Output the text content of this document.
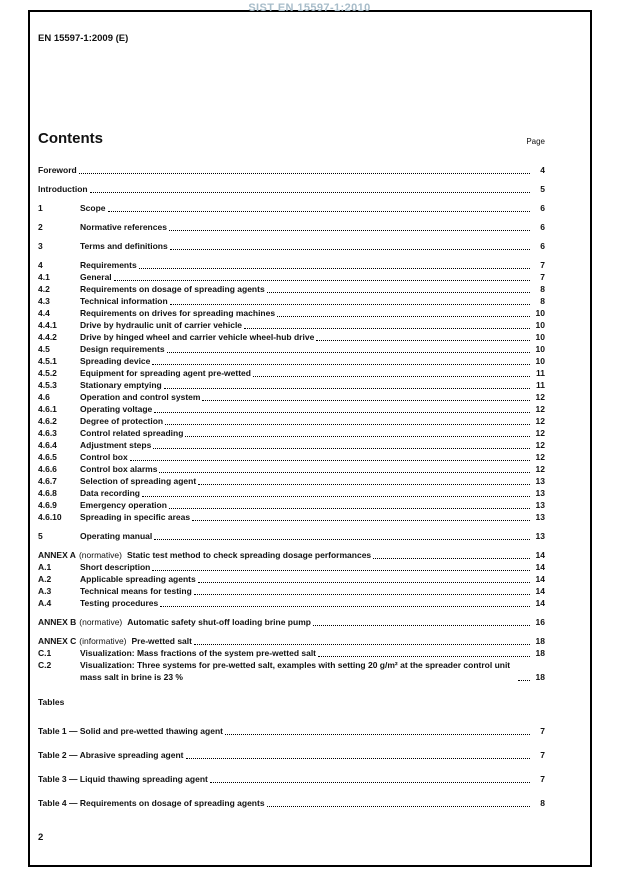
SIST EN 15597-1:2010
EN 15597-1:2009 (E)
Contents	Page
Foreword	4
Introduction	5
1	Scope	6
2	Normative references	6
3	Terms and definitions	6
4	Requirements	7
4.1	General	7
4.2	Requirements on dosage of spreading agents	8
4.3	Technical information	8
4.4	Requirements on drives for spreading machines	10
4.4.1	Drive by hydraulic unit of carrier vehicle	10
4.4.2	Drive by hinged wheel and carrier vehicle wheel-hub drive	10
4.5	Design requirements	10
4.5.1	Spreading device	10
4.5.2	Equipment for spreading agent pre-wetted	11
4.5.3	Stationary emptying	11
4.6	Operation and control system	12
4.6.1	Operating voltage	12
4.6.2	Degree of protection	12
4.6.3	Control related spreading	12
4.6.4	Adjustment steps	12
4.6.5	Control box	12
4.6.6	Control box alarms	12
4.6.7	Selection of spreading agent	13
4.6.8	Data recording	13
4.6.9	Emergency operation	13
4.6.10	Spreading in specific areas	13
5	Operating manual	13
ANNEX A (normative) Static test method to check spreading dosage performances	14
A.1	Short description	14
A.2	Applicable spreading agents	14
A.3	Technical means for testing	14
A.4	Testing procedures	14
ANNEX B (normative) Automatic safety shut-off loading brine pump	16
ANNEX C (informative) Pre-wetted salt	18
C.1	Visualization: Mass fractions of the system pre-wetted salt	18
C.2	Visualization: Three systems for pre-wetted salt, examples with setting 20 g/m² at the spreader control unit mass salt in brine is 23 %	18
Tables
Table 1 — Solid and pre-wetted thawing agent	7
Table 2 — Abrasive spreading agent	7
Table 3 — Liquid thawing spreading agent	7
Table 4 — Requirements on dosage of spreading agents	8
2
